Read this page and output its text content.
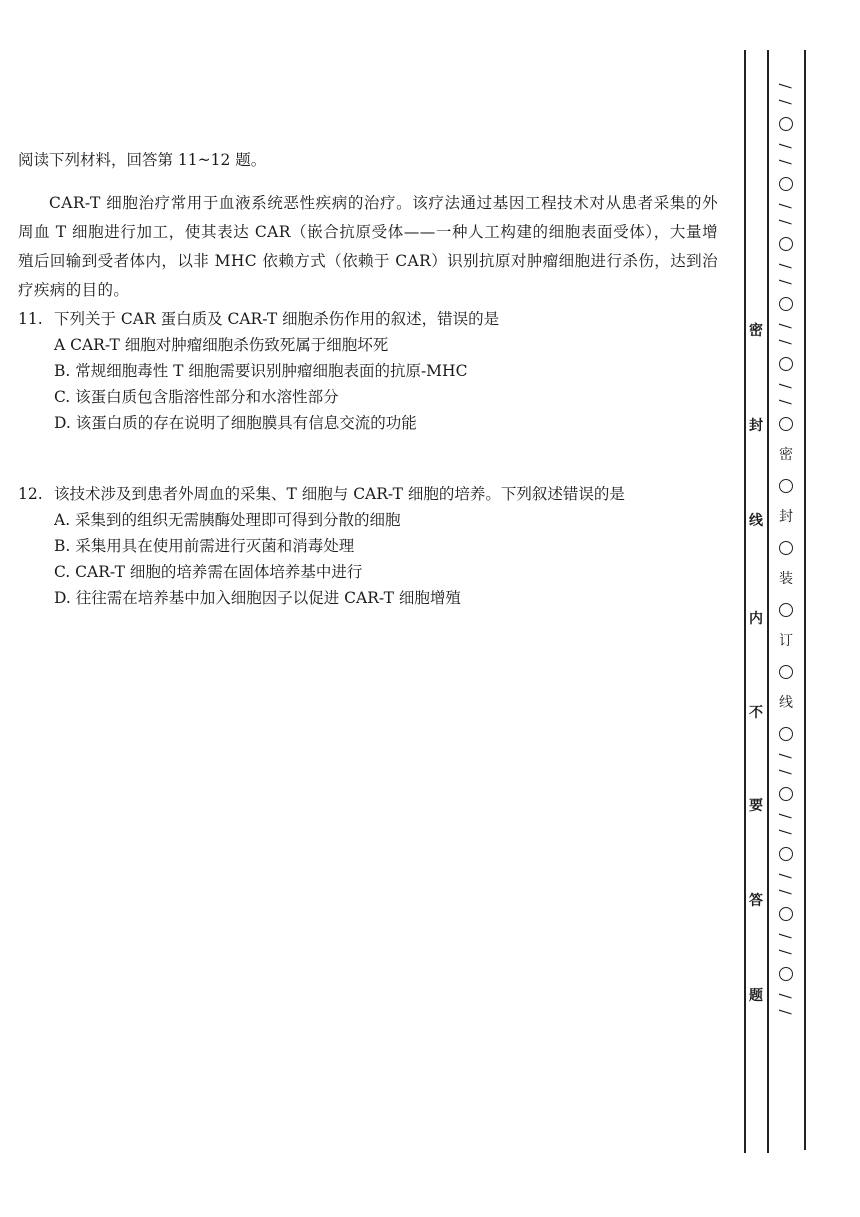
阅读下列材料，回答第 11~12 题。

CAR-T 细胞治疗常用于血液系统恶性疾病的治疗。该疗法通过基因工程技术对从患者采集的外周血 T 细胞进行加工，使其表达 CAR（嵌合抗原受体——一种人工构建的细胞表面受体），大量增殖后回输到受者体内，以非 MHC 依赖方式（依赖于 CAR）识别抗原对肿瘤细胞进行杀伤，达到治疗疾病的目的。

11. 下列关于 CAR 蛋白质及 CAR-T 细胞杀伤作用的叙述，错误的是
A CAR-T 细胞对肿瘤细胞杀伤致死属于细胞坏死
B. 常规细胞毒性 T 细胞需要识别肿瘤细胞表面的抗原-MHC
C. 该蛋白质包含脂溶性部分和水溶性部分
D. 该蛋白质的存在说明了细胞膜具有信息交流的功能
12. 该技术涉及到患者外周血的采集、T 细胞与 CAR-T 细胞的培养。下列叙述错误的是
A. 采集到的组织无需胰酶处理即可得到分散的细胞
B. 采集用具在使用前需进行灭菌和消毒处理
C. CAR-T 细胞的培养需在固体培养基中进行
D. 往往需在培养基中加入细胞因子以促进 CAR-T 细胞增殖
密
封
线
内
不
要
答
题
/
/
/
/
/
/
/
/
/
/
/
/
密
封
装
订
线
/
/
/
/
/
/
/
/
/
/
